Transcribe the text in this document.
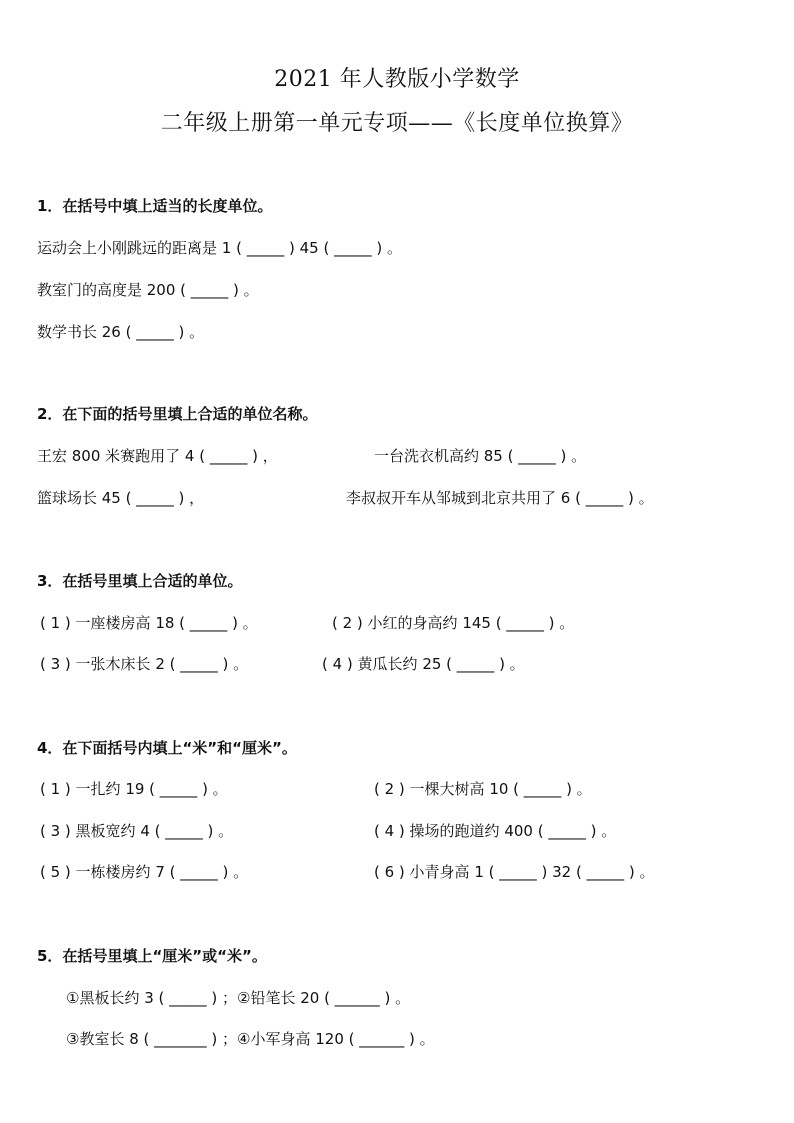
2021 年人教版小学数学
二年级上册第一单元专项——《长度单位换算》

1．在括号中填上适当的长度单位。

运动会上小刚跳远的距离是 1 ( _____ ) 45 ( _____ ) 。

教室门的高度是 200 ( _____ ) 。

数学书长 26 ( _____ ) 。

2．在下面的括号里填上合适的单位名称。

王宏 800 米赛跑用了 4 ( _____ ) ，	一台洗衣机高约 85 ( _____ ) 。

篮球场长 45 ( _____ ) ，	李叔叔开车从邹城到北京共用了 6 ( _____ ) 。

3．在括号里填上合适的单位。

( 1 ) 一座楼房高 18 ( _____ ) 。	( 2 ) 小红的身高约 145 ( _____ ) 。

( 3 ) 一张木床长 2 ( _____ ) 。	( 4 ) 黄瓜长约 25 ( _____ ) 。

4．在下面括号内填上“米”和“厘米”。

( 1 ) 一扎约 19 ( _____ ) 。	( 2 ) 一棵大树高 10 ( _____ ) 。

( 3 ) 黑板宽约 4 ( _____ ) 。	( 4 ) 操场的跑道约 400 ( _____ ) 。

( 5 ) 一栋楼房约 7 ( _____ ) 。	( 6 ) 小青身高 1 ( _____ ) 32 ( _____ ) 。

5．在括号里填上“厘米”或“米”。

①黑板长约 3 ( _____ ) ；②铅笔长 20 ( ______ ) 。

③教室长 8 ( _______ ) ；④小军身高 120 ( ______ ) 。
